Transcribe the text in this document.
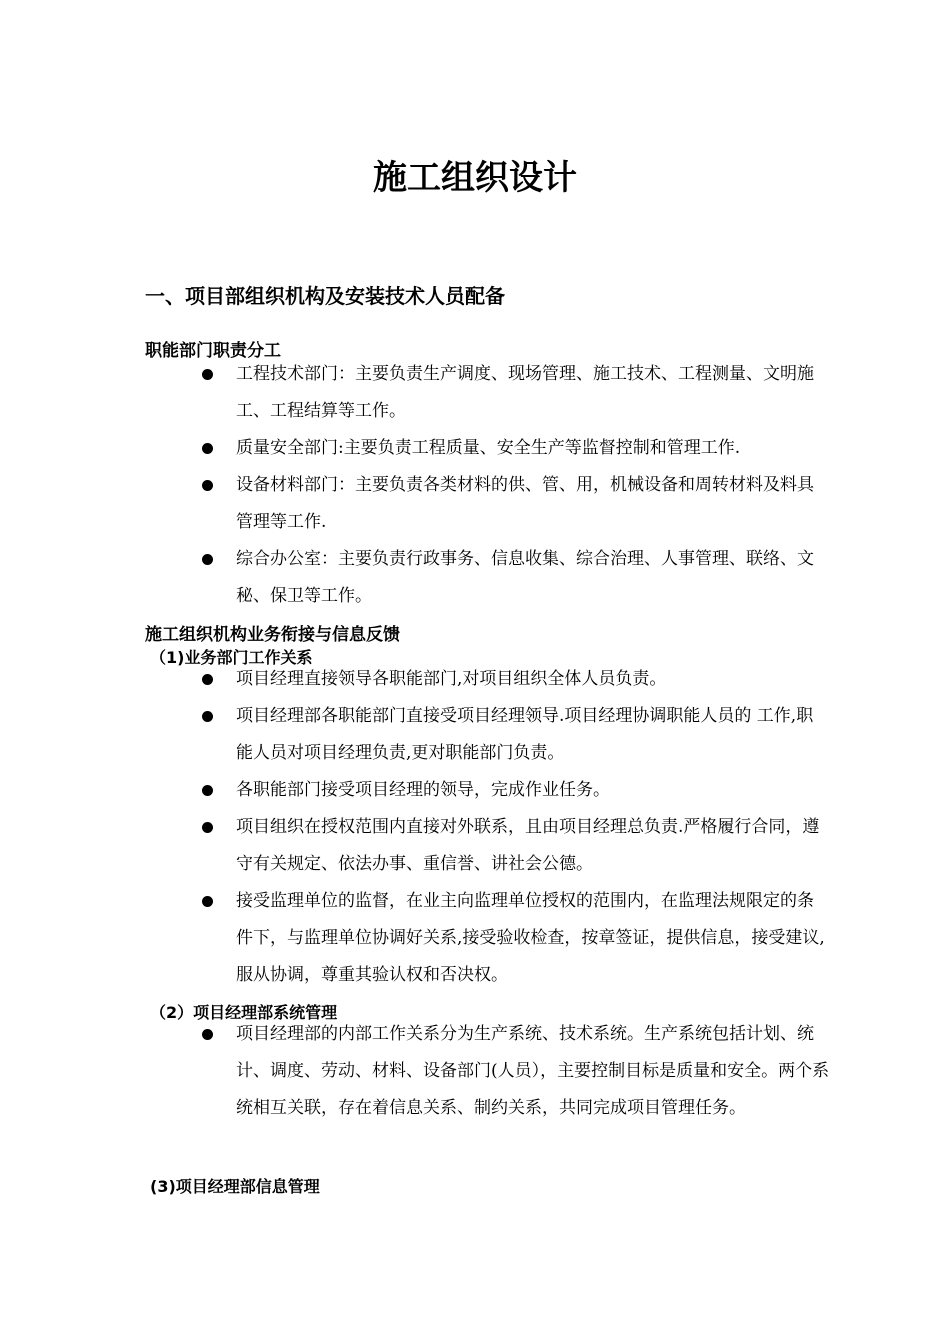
施工组织设计
一、项目部组织机构及安装技术人员配备
职能部门职责分工
工程技术部门：主要负责生产调度、现场管理、施工技术、工程测量、文明施工、工程结算等工作。
质量安全部门:主要负责工程质量、安全生产等监督控制和管理工作.
设备材料部门：主要负责各类材料的供、管、用，机械设备和周转材料及料具管理等工作.
综合办公室：主要负责行政事务、信息收集、综合治理、人事管理、联络、文秘、保卫等工作。
施工组织机构业务衔接与信息反馈
（1)业务部门工作关系
项目经理直接领导各职能部门,对项目组织全体人员负责。
项目经理部各职能部门直接受项目经理领导.项目经理协调职能人员的 工作,职能人员对项目经理负责,更对职能部门负责。
各职能部门接受项目经理的领导，完成作业任务。
项目组织在授权范围内直接对外联系，且由项目经理总负责.严格履行合同，遵守有关规定、依法办事、重信誉、讲社会公德。
接受监理单位的监督，在业主向监理单位授权的范围内，在监理法规限定的条件下，与监理单位协调好关系,接受验收检查，按章签证，提供信息，接受建议,服从协调，尊重其验认权和否决权。
（2）项目经理部系统管理
项目经理部的内部工作关系分为生产系统、技术系统。生产系统包括计划、统计、调度、劳动、材料、设备部门(人员），主要控制目标是质量和安全。两个系统相互关联，存在着信息关系、制约关系，共同完成项目管理任务。
(3)项目经理部信息管理
